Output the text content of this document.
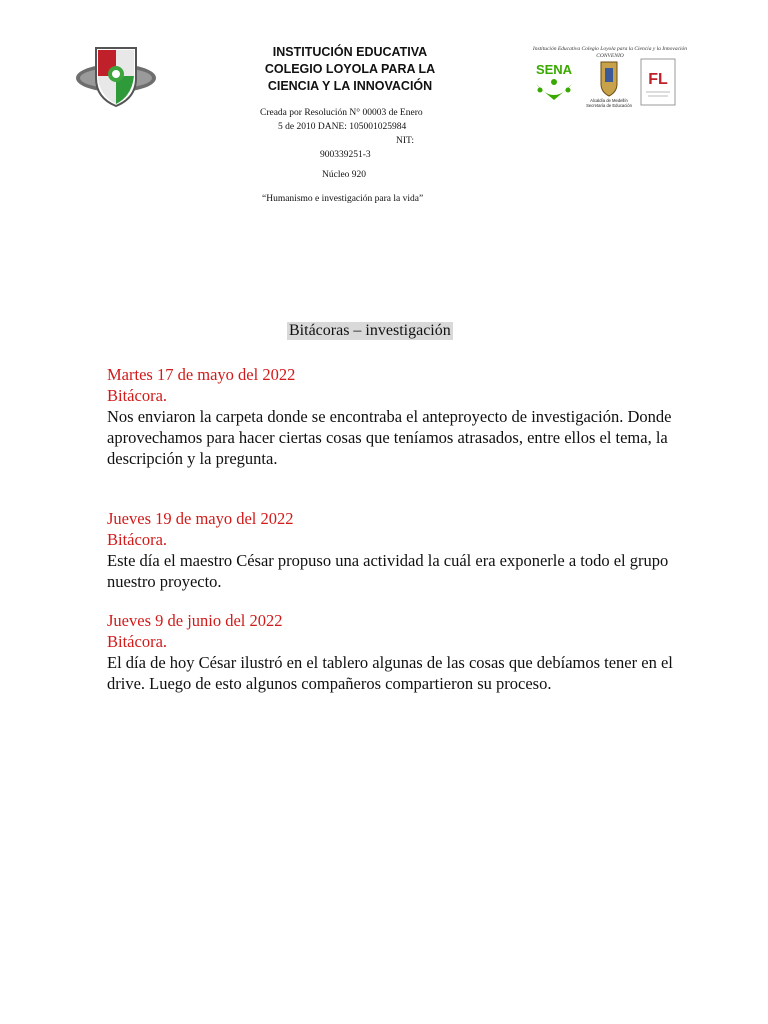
INSTITUCIÓN EDUCATIVA
COLEGIO LOYOLA PARA LA
CIENCIA Y LA INNOVACIÓN
Creada por Resolución N° 00003 de Enero
5 de 2010 DANE: 105001025984
NIT:
900339251-3
Núcleo 920
“Humanismo e investigación para la vida”
Institución Educativa Colegio Loyola para la Ciencia y la Innovación
CONVENIO
SENA
Alcaldía de Medellín
Secretaría de Educación
FL
Bitácoras – investigación
Martes 17 de mayo del 2022
Bitácora.
Nos enviaron la carpeta donde se encontraba el anteproyecto de investigación. Donde aprovechamos para hacer ciertas cosas que teníamos atrasados, entre ellos el tema, la descripción y la pregunta.
Jueves 19 de mayo del 2022
Bitácora.
Este día el maestro César propuso una actividad la cuál era exponerle a todo el grupo nuestro proyecto.
Jueves 9 de junio del 2022
Bitácora.
El día de hoy César ilustró en el tablero algunas de las cosas que debíamos tener en el drive. Luego de esto algunos compañeros compartieron su proceso.
